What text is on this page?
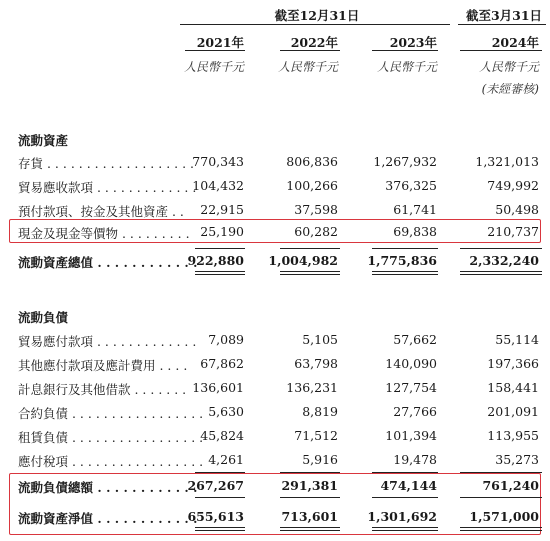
截至12月31日	截至3月31日
2021年	2022年	2023年	2024年
人民幣千元	人民幣千元	人民幣千元	人民幣千元
(未經審核)
流動資產
存貨 . . . . . . . . . . . . . . . . . . .
770,343	806,836	1,267,932	1,321,013
貿易應收款項 . . . . . . . . . . . . .
104,432	100,266	376,325	749,992
預付款項、按金及其他資產 . . 22,915	37,598	61,741	50,498
現金及現金等價物 . . . . . . . . . 25,190	60,282	69,838	210,737
流動資產總值 . . . . . . . . . . . .
922,880 1,004,982 1,775,836	2,332,240
流動負債
貿易應付款項 . . . . . . . . . . . . . 7,089	5,105	57,662	55,114
其他應付款項及應計費用 . . . . 67,862	63,798	140,090	197,366
計息銀行及其他借款 . . . . . . . 136,601	136,231	127,754	158,441
合約負債 . . . . . . . . . . . . . . . . . 5,630	8,819	27,766	201,091
租賃負債 . . . . . . . . . . . . . . . . .
45,824	71,512	101,394	113,955
應付稅項 . . . . . . . . . . . . . . . . . 4,261	5,916	19,478	35,273
流動負債總額 . . . . . . . . . . . .
267,267	291,381	474,144	761,240
流動資產淨值 . . . . . . . . . . . .
655,613	713,601 1,301,692	1,571,000
